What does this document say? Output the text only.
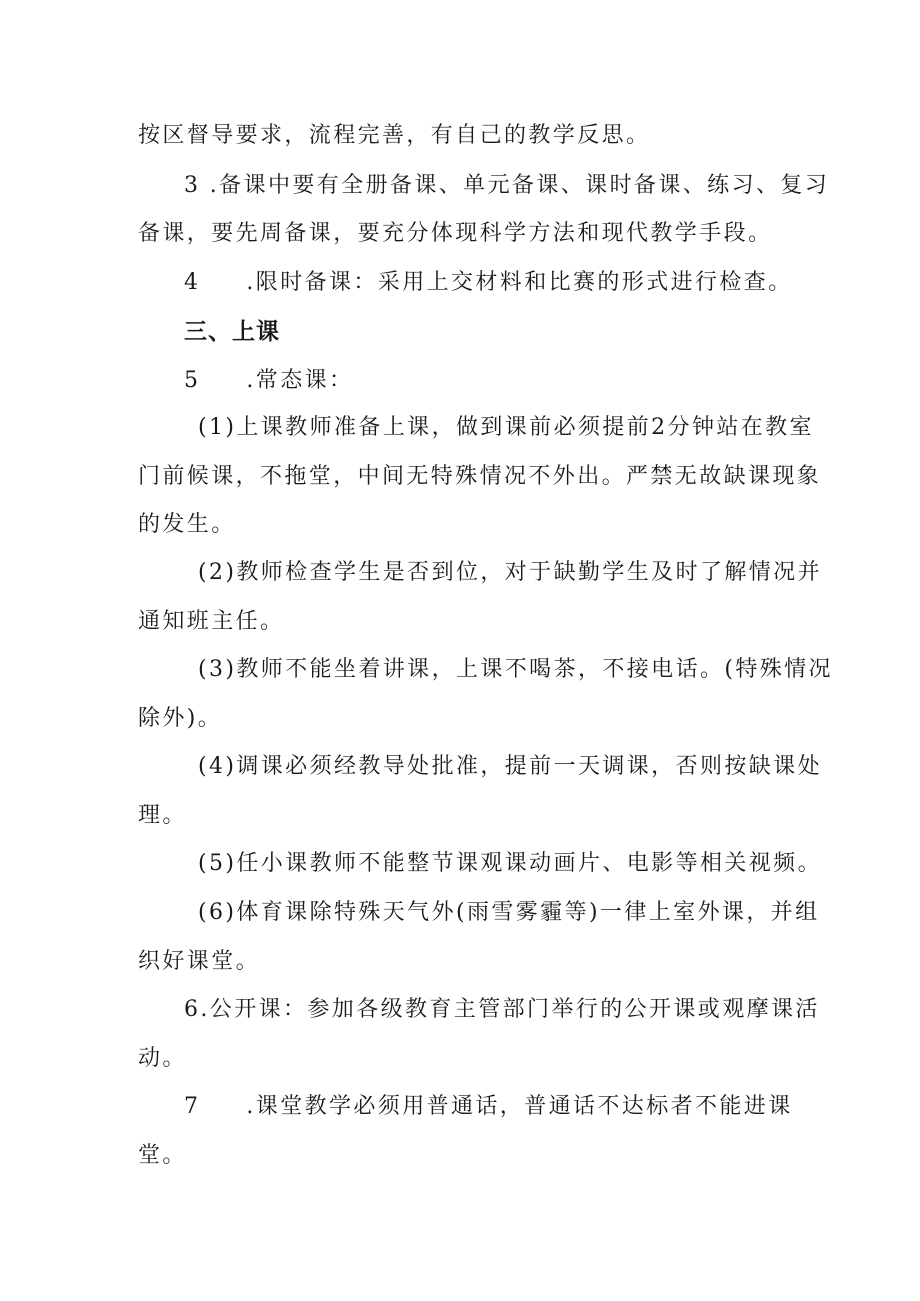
按区督导要求，流程完善，有自己的教学反思。
3 .备课中要有全册备课、单元备课、课时备课、练习、复习
备课，要先周备课，要充分体现科学方法和现代教学手段。
4 .限时备课：采用上交材料和比赛的形式进行检查。
三、上课
5 .常态课：
(1)上课教师准备上课，做到课前必须提前2分钟站在教室
门前候课，不拖堂，中间无特殊情况不外出。严禁无故缺课现象
的发生。
(2)教师检查学生是否到位，对于缺勤学生及时了解情况并
通知班主任。
(3)教师不能坐着讲课，上课不喝茶，不接电话。(特殊情况
除外)。
(4)调课必须经教导处批准，提前一天调课，否则按缺课处
理。
(5)任小课教师不能整节课观课动画片、电影等相关视频。
(6)体育课除特殊天气外(雨雪雾霾等)一律上室外课，并组
织好课堂。
6.公开课：参加各级教育主管部门举行的公开课或观摩课活
动。
7 .课堂教学必须用普通话，普通话不达标者不能进课
堂。
